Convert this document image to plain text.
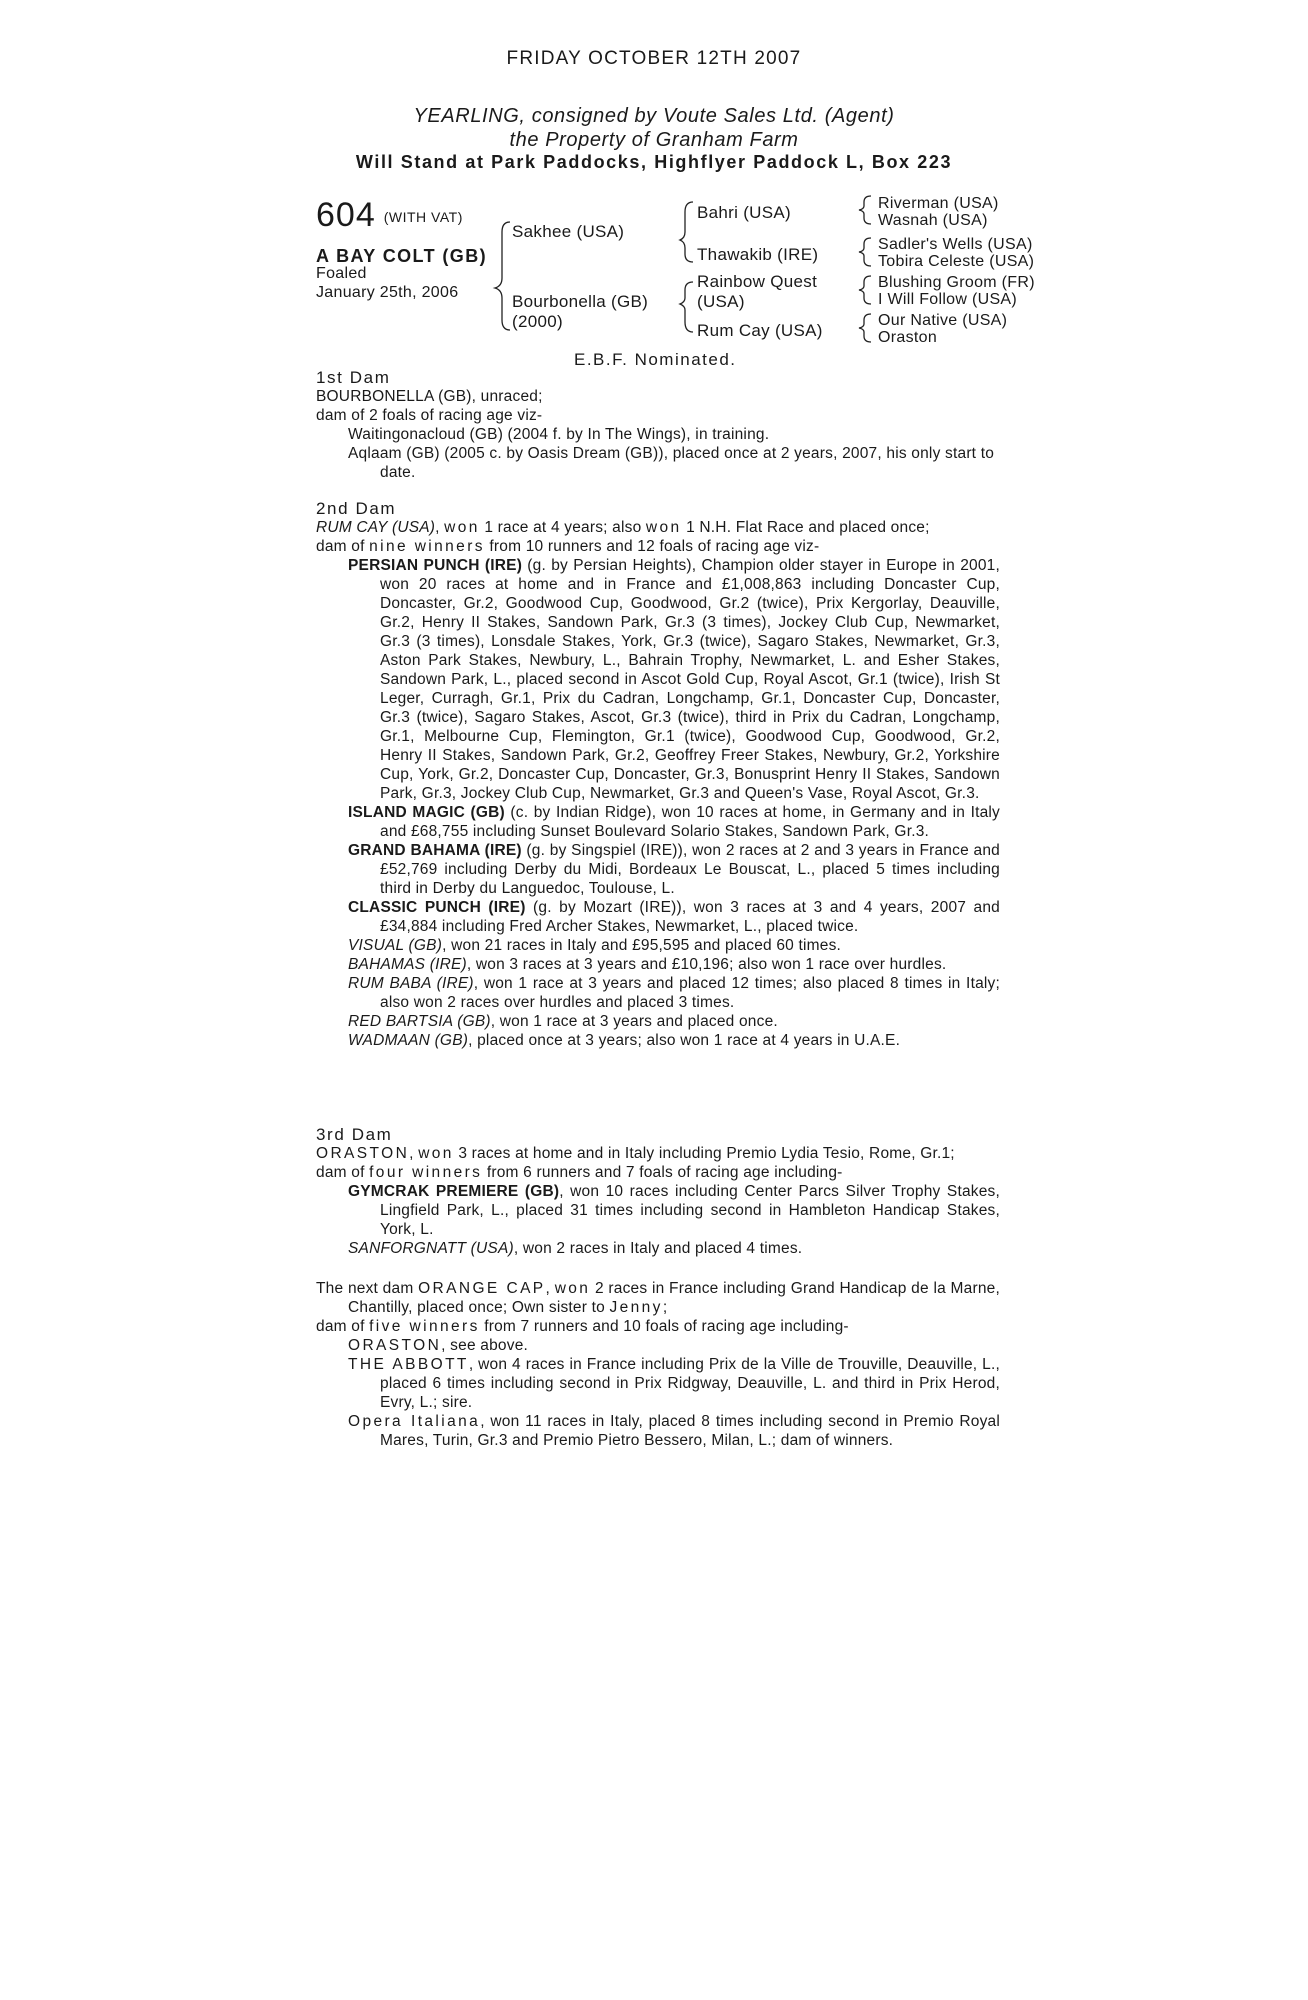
FRIDAY OCTOBER 12TH 2007
YEARLING, consigned by Voute Sales Ltd. (Agent)
the Property of Granham Farm
Will Stand at Park Paddocks, Highflyer Paddock L, Box 223
604 (WITH VAT)
A BAY COLT (GB)
Foaled
January 25th, 2006
Sakhee (USA)
Bourbonella (GB)
(2000)
Bahri (USA)
Thawakib (IRE)
Rainbow Quest
(USA)
Rum Cay (USA)
Riverman (USA)
Wasnah (USA)
Sadler's Wells (USA)
Tobira Celeste (USA)
Blushing Groom (FR)
I Will Follow (USA)
Our Native (USA)
Oraston
E.B.F. Nominated.
1st Dam

BOURBONELLA (GB), unraced;

dam of 2 foals of racing age viz-

Waitingonacloud (GB) (2004 f. by In The Wings), in training.

Aqlaam (GB) (2005 c. by Oasis Dream (GB)), placed once at 2 years, 2007, his only start to date.

2nd Dam

RUM CAY (USA), won 1 race at 4 years; also won 1 N.H. Flat Race and placed once;

dam of nine winners from 10 runners and 12 foals of racing age viz-

PERSIAN PUNCH (IRE) (g. by Persian Heights), Champion older stayer in Europe in 2001, won 20 races at home and in France and £1,008,863 including Doncaster Cup, Doncaster, Gr.2, Goodwood Cup, Goodwood, Gr.2 (twice), Prix Kergorlay, Deauville, Gr.2, Henry II Stakes, Sandown Park, Gr.3 (3 times), Jockey Club Cup, Newmarket, Gr.3 (3 times), Lonsdale Stakes, York, Gr.3 (twice), Sagaro Stakes, Newmarket, Gr.3, Aston Park Stakes, Newbury, L., Bahrain Trophy, Newmarket, L. and Esher Stakes, Sandown Park, L., placed second in Ascot Gold Cup, Royal Ascot, Gr.1 (twice), Irish St Leger, Curragh, Gr.1, Prix du Cadran, Longchamp, Gr.1, Doncaster Cup, Doncaster, Gr.3 (twice), Sagaro Stakes, Ascot, Gr.3 (twice), third in Prix du Cadran, Longchamp, Gr.1, Melbourne Cup, Flemington, Gr.1 (twice), Goodwood Cup, Goodwood, Gr.2, Henry II Stakes, Sandown Park, Gr.2, Geoffrey Freer Stakes, Newbury, Gr.2, Yorkshire Cup, York, Gr.2, Doncaster Cup, Doncaster, Gr.3, Bonusprint Henry II Stakes, Sandown Park, Gr.3, Jockey Club Cup, Newmarket, Gr.3 and Queen's Vase, Royal Ascot, Gr.3.

ISLAND MAGIC (GB) (c. by Indian Ridge), won 10 races at home, in Germany and in Italy and £68,755 including Sunset Boulevard Solario Stakes, Sandown Park, Gr.3.

GRAND BAHAMA (IRE) (g. by Singspiel (IRE)), won 2 races at 2 and 3 years in France and £52,769 including Derby du Midi, Bordeaux Le Bouscat, L., placed 5 times including third in Derby du Languedoc, Toulouse, L.

CLASSIC PUNCH (IRE) (g. by Mozart (IRE)), won 3 races at 3 and 4 years, 2007 and £34,884 including Fred Archer Stakes, Newmarket, L., placed twice.

VISUAL (GB), won 21 races in Italy and £95,595 and placed 60 times.

BAHAMAS (IRE), won 3 races at 3 years and £10,196; also won 1 race over hurdles.

RUM BABA (IRE), won 1 race at 3 years and placed 12 times; also placed 8 times in Italy; also won 2 races over hurdles and placed 3 times.

RED BARTSIA (GB), won 1 race at 3 years and placed once.

WADMAAN (GB), placed once at 3 years; also won 1 race at 4 years in U.A.E.

3rd Dam

ORASTON, won 3 races at home and in Italy including Premio Lydia Tesio, Rome, Gr.1;

dam of four winners from 6 runners and 7 foals of racing age including-

GYMCRAK PREMIERE (GB), won 10 races including Center Parcs Silver Trophy Stakes, Lingfield Park, L., placed 31 times including second in Hambleton Handicap Stakes, York, L.

SANFORGNATT (USA), won 2 races in Italy and placed 4 times.

The next dam ORANGE CAP, won 2 races in France including Grand Handicap de la Marne, Chantilly, placed once; Own sister to Jenny;

dam of five winners from 7 runners and 10 foals of racing age including-

ORASTON, see above.

THE ABBOTT, won 4 races in France including Prix de la Ville de Trouville, Deauville, L., placed 6 times including second in Prix Ridgway, Deauville, L. and third in Prix Herod, Evry, L.; sire.

Opera Italiana, won 11 races in Italy, placed 8 times including second in Premio Royal Mares, Turin, Gr.3 and Premio Pietro Bessero, Milan, L.; dam of winners.
